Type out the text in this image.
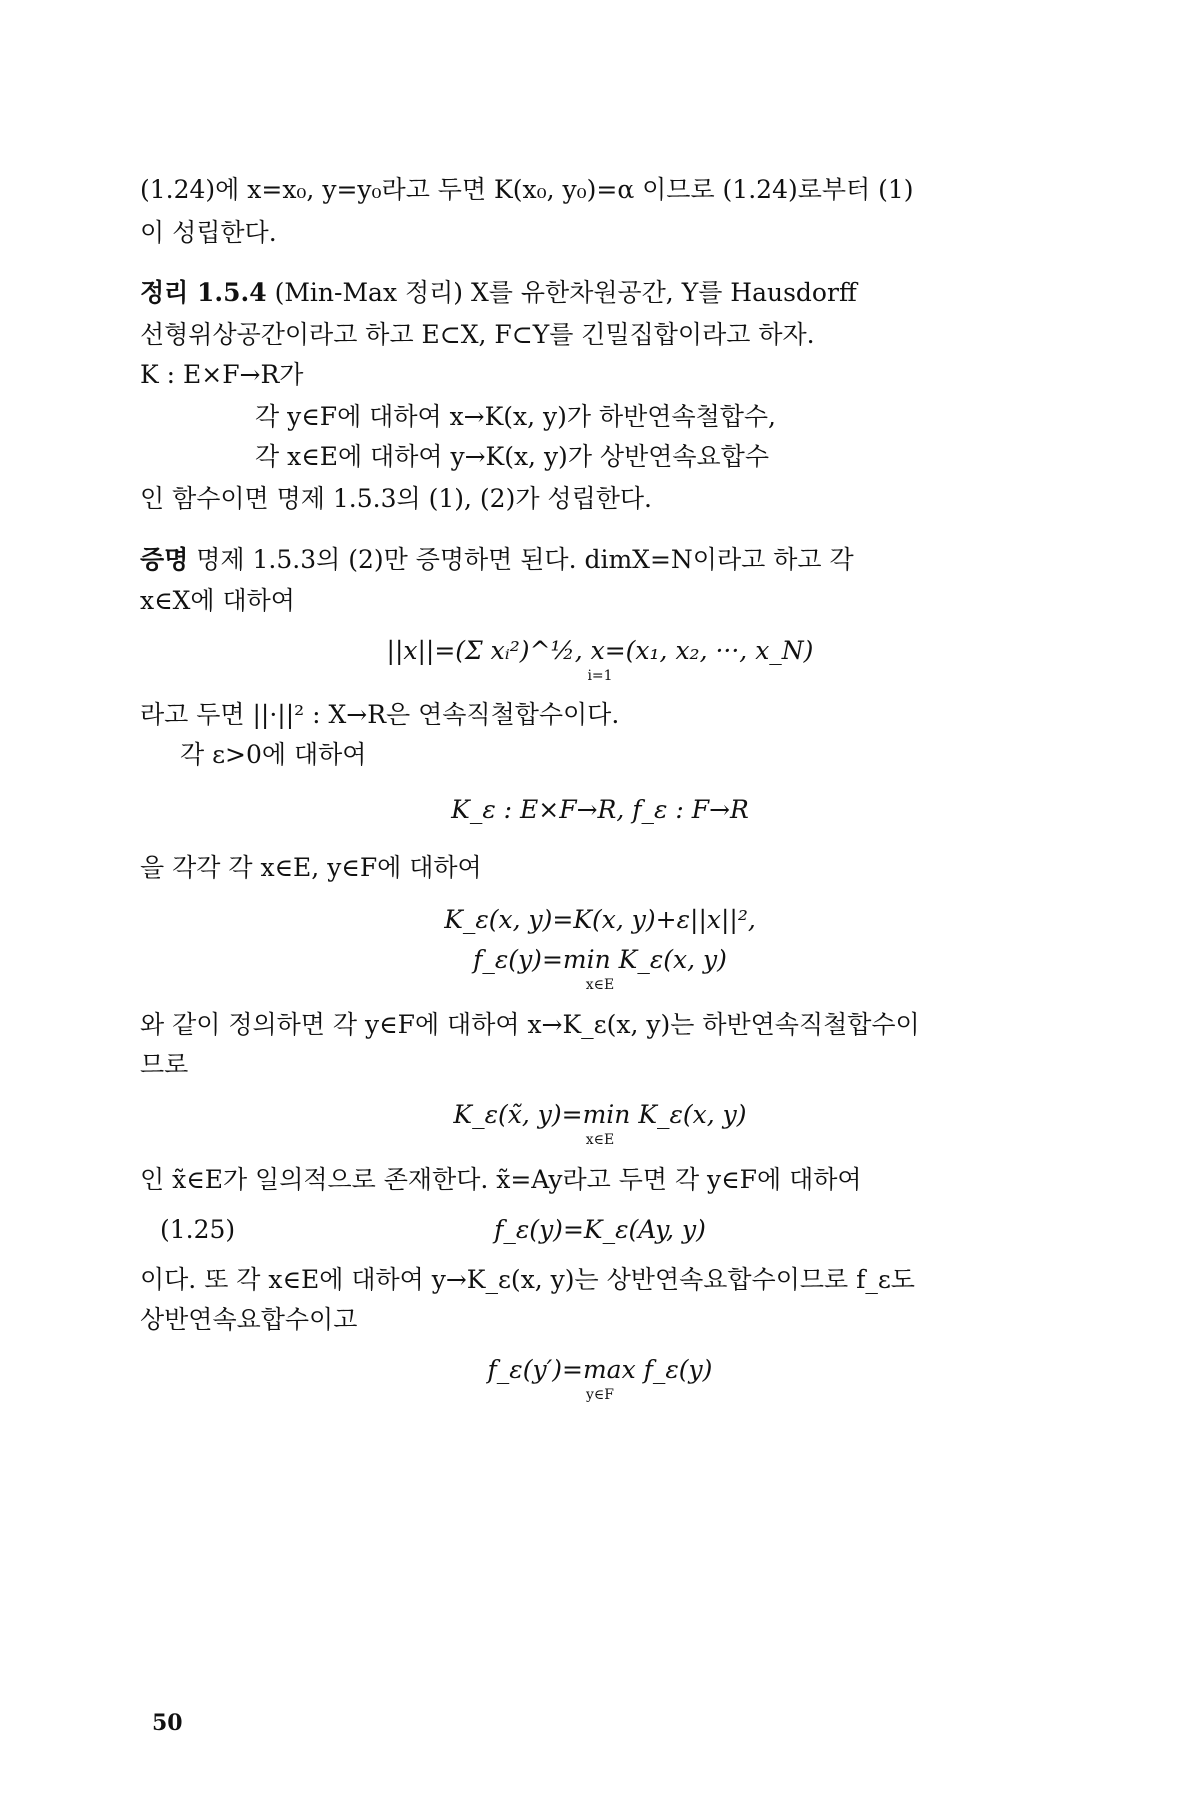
(1.24)에 x=x₀, y=y₀라고 두면 K(x₀, y₀)=α 이므로 (1.24)로부터 (1)
이 성립한다.
정리 1.5.4 (Min-Max 정리) X를 유한차원공간, Y를 Hausdorff
선형위상공간이라고 하고 E⊂X, F⊂Y를 긴밀집합이라고 하자.
K : E×F→R가
각 y∈F에 대하여 x→K(x, y)가 하반연속철합수,
각 x∈E에 대하여 y→K(x, y)가 상반연속요합수
인 함수이면 명제 1.5.3의 (1), (2)가 성립한다.
증명 명제 1.5.3의 (2)만 증명하면 된다. dimX=N이라고 하고 각
x∈X에 대하여
||x||=(Σ xᵢ²)^½, x=(x₁, x₂, ···, x_N)
i=1
라고 두면 ||·||² : X→R은 연속직철합수이다.
각 ε>0에 대하여
K_ε : E×F→R, f_ε : F→R
을 각각 각 x∈E, y∈F에 대하여
K_ε(x, y)=K(x, y)+ε||x||²,
f_ε(y)=min K_ε(x, y)
x∈E
와 같이 정의하면 각 y∈F에 대하여 x→K_ε(x, y)는 하반연속직철합수이
므로
K_ε(x̃, y)=min K_ε(x, y)
x∈E
인 x̃∈E가 일의적으로 존재한다. x̃=Ay라고 두면 각 y∈F에 대하여
(1.25)	f_ε(y)=K_ε(Ay, y)
이다. 또 각 x∈E에 대하여 y→K_ε(x, y)는 상반연속요합수이므로 f_ε도
상반연속요합수이고
f_ε(y′)=max f_ε(y)
y∈F
50
